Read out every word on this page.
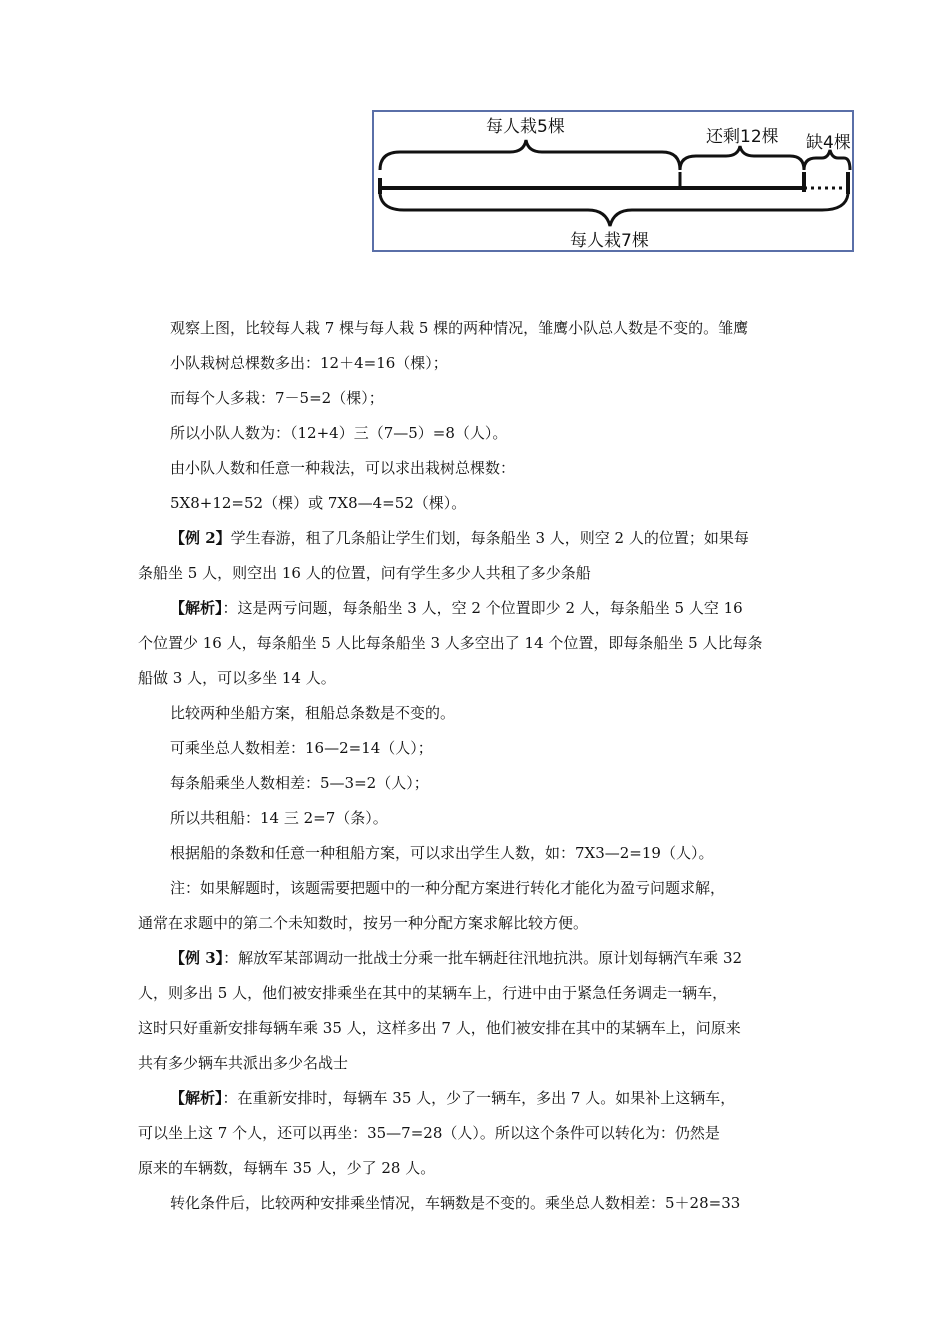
每人栽5棵	还剩12棵 缺4棵
每人栽7棵

观察上图，比较每人栽 7 棵与每人栽 5 棵的两种情况，雏鹰小队总人数是不变的。雏鹰

小队栽树总棵数多出：12＋4=16（棵）；

而每个人多栽：7－5=2（棵）；

所以小队人数为：（12+4）三（7—5）=8（人）。

由小队人数和任意一种栽法，可以求出栽树总棵数：

5X8+12=52（棵）或 7X8—4=52（棵）。

【例 2】学生春游，租了几条船让学生们划，每条船坐 3 人，则空 2 人的位置；如果每

条船坐 5 人，则空出 16 人的位置，问有学生多少人共租了多少条船

【解析】：这是两亏问题，每条船坐 3 人，空 2 个位置即少 2 人，每条船坐 5 人空 16

个位置少 16 人，每条船坐 5 人比每条船坐 3 人多空出了 14 个位置，即每条船坐 5 人比每条

船做 3 人，可以多坐 14 人。

比较两种坐船方案，租船总条数是不变的。

可乘坐总人数相差：16—2=14（人）；

每条船乘坐人数相差：5—3=2（人）；

所以共租船：14 三 2=7（条）。

根据船的条数和任意一种租船方案，可以求出学生人数，如：7X3—2=19（人）。

注：如果解题时，该题需要把题中的一种分配方案进行转化才能化为盈亏问题求解，

通常在求题中的第二个未知数时，按另一种分配方案求解比较方便。

【例 3】：解放军某部调动一批战士分乘一批车辆赶往汛地抗洪。原计划每辆汽车乘 32

人，则多出 5 人，他们被安排乘坐在其中的某辆车上，行进中由于紧急任务调走一辆车，

这时只好重新安排每辆车乘 35 人，这样多出 7 人，他们被安排在其中的某辆车上，问原来

共有多少辆车共派出多少名战士

【解析】：在重新安排时，每辆车 35 人，少了一辆车，多出 7 人。如果补上这辆车，

可以坐上这 7 个人，还可以再坐：35—7=28（人）。所以这个条件可以转化为：仍然是

原来的车辆数，每辆车 35 人，少了 28 人。

转化条件后，比较两种安排乘坐情况，车辆数是不变的。乘坐总人数相差：5＋28=33
